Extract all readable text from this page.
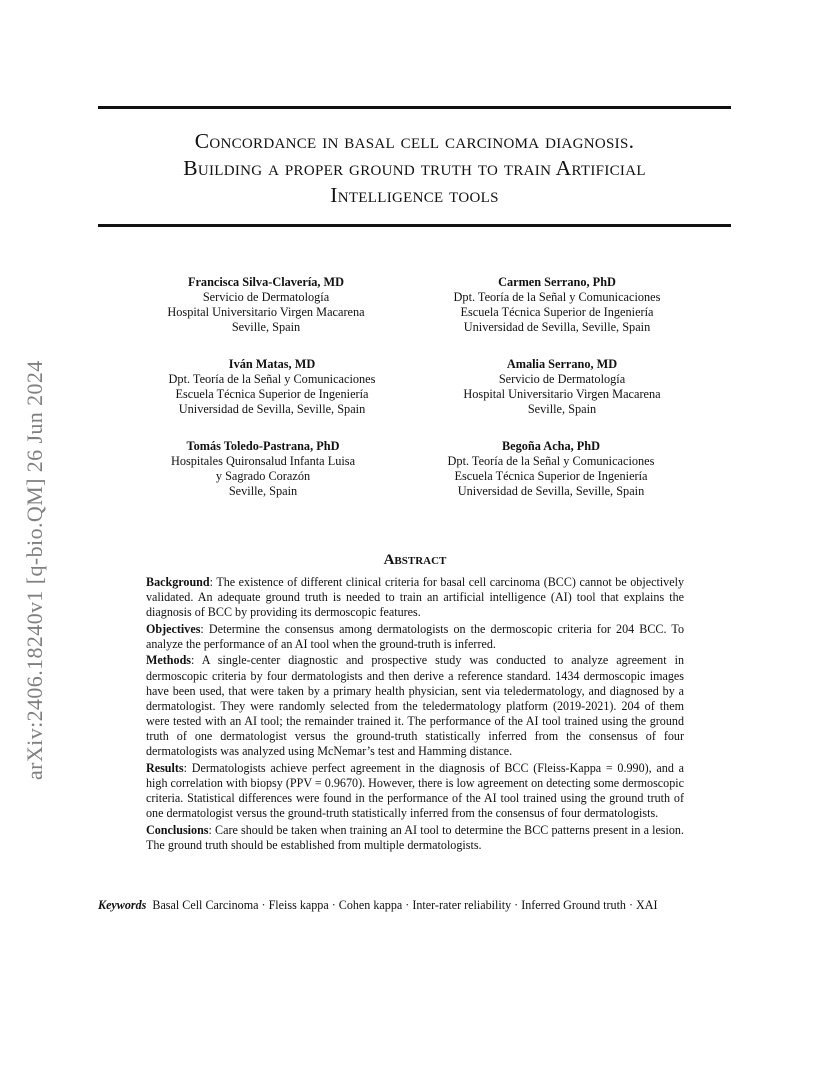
Concordance in basal cell carcinoma diagnosis.
Building a proper ground truth to train Artificial
Intelligence tools
arXiv:2406.18240v1 [q-bio.QM] 26 Jun 2024
Francisca Silva-Clavería, MD
Servicio de Dermatología
Hospital Universitario Virgen Macarena
Seville, Spain
Carmen Serrano, PhD
Dpt. Teoría de la Señal y Comunicaciones
Escuela Técnica Superior de Ingeniería
Universidad de Sevilla, Seville, Spain
Iván Matas, MD
Dpt. Teoría de la Señal y Comunicaciones
Escuela Técnica Superior de Ingeniería
Universidad de Sevilla, Seville, Spain
Amalia Serrano, MD
Servicio de Dermatología
Hospital Universitario Virgen Macarena
Seville, Spain
Tomás Toledo-Pastrana, PhD
Hospitales Quironsalud Infanta Luisa
y Sagrado Corazón
Seville, Spain
Begoña Acha, PhD
Dpt. Teoría de la Señal y Comunicaciones
Escuela Técnica Superior de Ingeniería
Universidad de Sevilla, Seville, Spain
Abstract

Background: The existence of different clinical criteria for basal cell carcinoma (BCC) cannot be objectively validated. An adequate ground truth is needed to train an artificial intelligence (AI) tool that explains the diagnosis of BCC by providing its dermoscopic features.

Objectives: Determine the consensus among dermatologists on the dermoscopic criteria for 204 BCC. To analyze the performance of an AI tool when the ground-truth is inferred.

Methods: A single-center diagnostic and prospective study was conducted to analyze agreement in dermoscopic criteria by four dermatologists and then derive a reference standard. 1434 dermoscopic images have been used, that were taken by a primary health physician, sent via teledermatology, and diagnosed by a dermatologist. They were randomly selected from the teledermatology platform (2019-2021). 204 of them were tested with an AI tool; the remainder trained it. The performance of the AI tool trained using the ground truth of one dermatologist versus the ground-truth statistically inferred from the consensus of four dermatologists was analyzed using McNemar’s test and Hamming distance.

Results: Dermatologists achieve perfect agreement in the diagnosis of BCC (Fleiss-Kappa = 0.990), and a high correlation with biopsy (PPV = 0.9670). However, there is low agreement on detecting some dermoscopic criteria. Statistical differences were found in the performance of the AI tool trained using the ground truth of one dermatologist versus the ground-truth statistically inferred from the consensus of four dermatologists.

Conclusions: Care should be taken when training an AI tool to determine the BCC patterns present in a lesion. The ground truth should be established from multiple dermatologists.

Keywords Basal Cell Carcinoma · Fleiss kappa · Cohen kappa · Inter-rater reliability · Inferred Ground truth · XAI
